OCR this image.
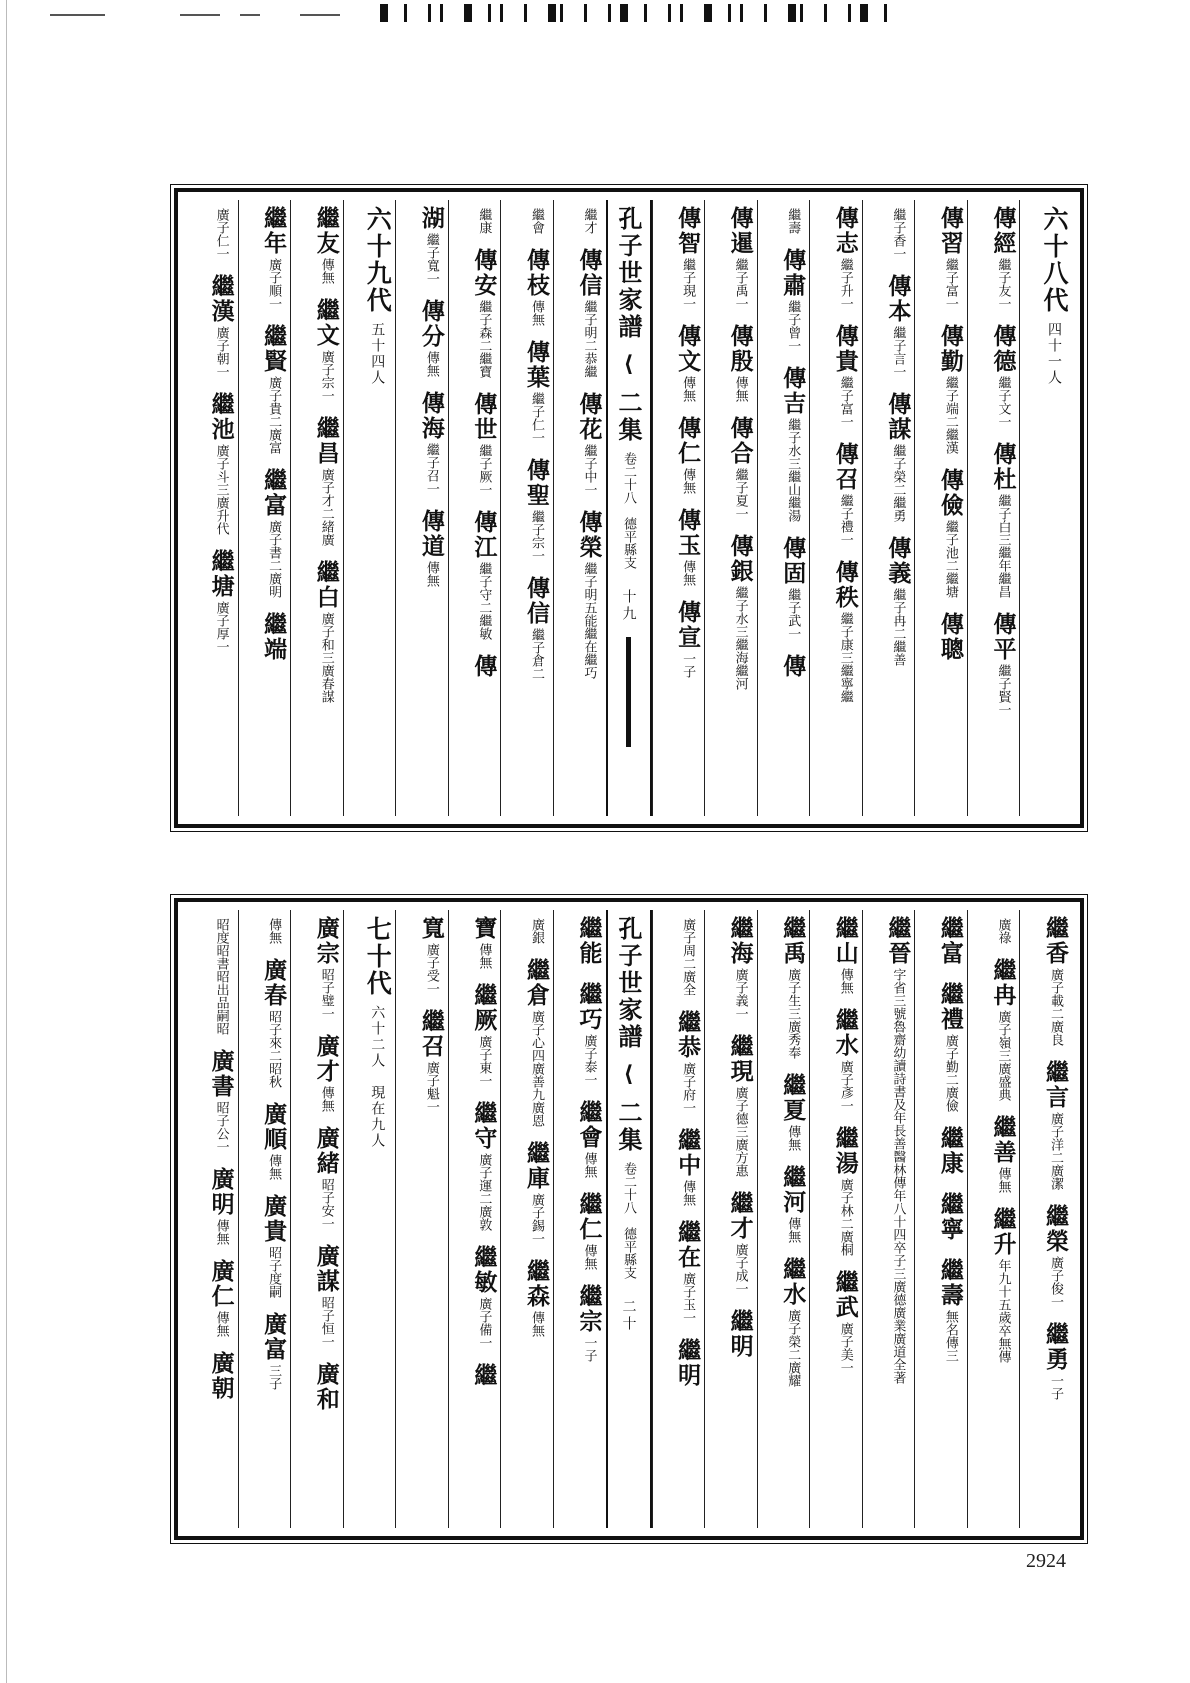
六十八代四十一人
傳經繼子友一傳德繼子文一傳杜繼子白三繼年繼昌傳平繼子賢一
傳習繼子富一傳勤繼子端二繼漢傳儉繼子池二繼塘傳聰
繼子香一傳本繼子言一傳謀繼子榮二繼勇傳義繼子冉二繼善
傳志繼子升一傳貴繼子富一傳召繼子禮一傳秩繼子康三繼寧繼
繼壽傳肅繼子曾一傳吉繼子水三繼山繼湯傳固繼子武一傳
傳暹繼子禹一傳殷傳無傳合繼子夏一傳銀繼子水三繼海繼河
傳智繼子現一傳文傳無傳仁傳無傳玉傳無傳宣一子
孔子世家譜
⟨
二集
卷二十八　德平縣支
十九
繼才傳信繼子明二恭繼傳花繼子中一傳榮繼子明五能繼在繼巧
繼會傳枝傳無傳葉繼子仁一傳聖繼子宗一傳信繼子倉二
繼康傳安繼子森二繼寶傳世繼子厥一傳江繼子守二繼敏傳
湖繼子寬一傳分傳無傳海繼子召一傳道傳無
六十九代五十四人
繼友傳無繼文廣子宗一繼昌廣子才二緒廣繼白廣子和三廣春謀
繼年廣子順一繼賢廣子貴二廣富繼富廣子書二廣明繼端
廣子仁一繼漢廣子朝一繼池廣子斗三廣升代繼塘廣子厚一
繼香廣子載二廣良繼言廣子洋二廣潔繼榮廣子俊一繼勇一子
廣祿繼冉廣子嶺三廣盛典繼善傳無繼升年九十五歲卒無傳
繼富繼禮廣子勤二廣儉繼康繼寧繼壽無名傳三
繼晉字省三號魯齋幼讀詩書及年長善醫林傳年八十四卒子三廣德廣業廣道全著
繼山傳無繼水廣子彥一繼湯廣子林二廣桐繼武廣子美一
繼禹廣子生三廣秀奉繼夏傳無繼河傳無繼水廣子榮二廣耀
繼海廣子義一繼現廣子德三廣方惠繼才廣子成一繼明
廣子周二廣全繼恭廣子府一繼中傳無繼在廣子玉一繼明
孔子世家譜
⟨
二集
卷二十八　德平縣支
二十
繼能繼巧廣子泰一繼會傳無繼仁傳無繼宗一子
廣銀繼倉廣子心四廣善九廣恩繼庫廣子錫一繼森傳無
寶傳無繼厥廣子東一繼守廣子運二廣敦繼敏廣子備一繼
寬廣子受一繼召廣子魁一
七十代六十二人　現在九人
廣宗昭子璧一廣才傳無廣緒昭子安一廣謀昭子恒一廣和
傳無廣春昭子來二昭秋廣順傳無廣貴昭子度嗣廣富三子
昭度昭書昭出品嗣昭廣書昭子公一廣明傳無廣仁傳無廣朝
2924
